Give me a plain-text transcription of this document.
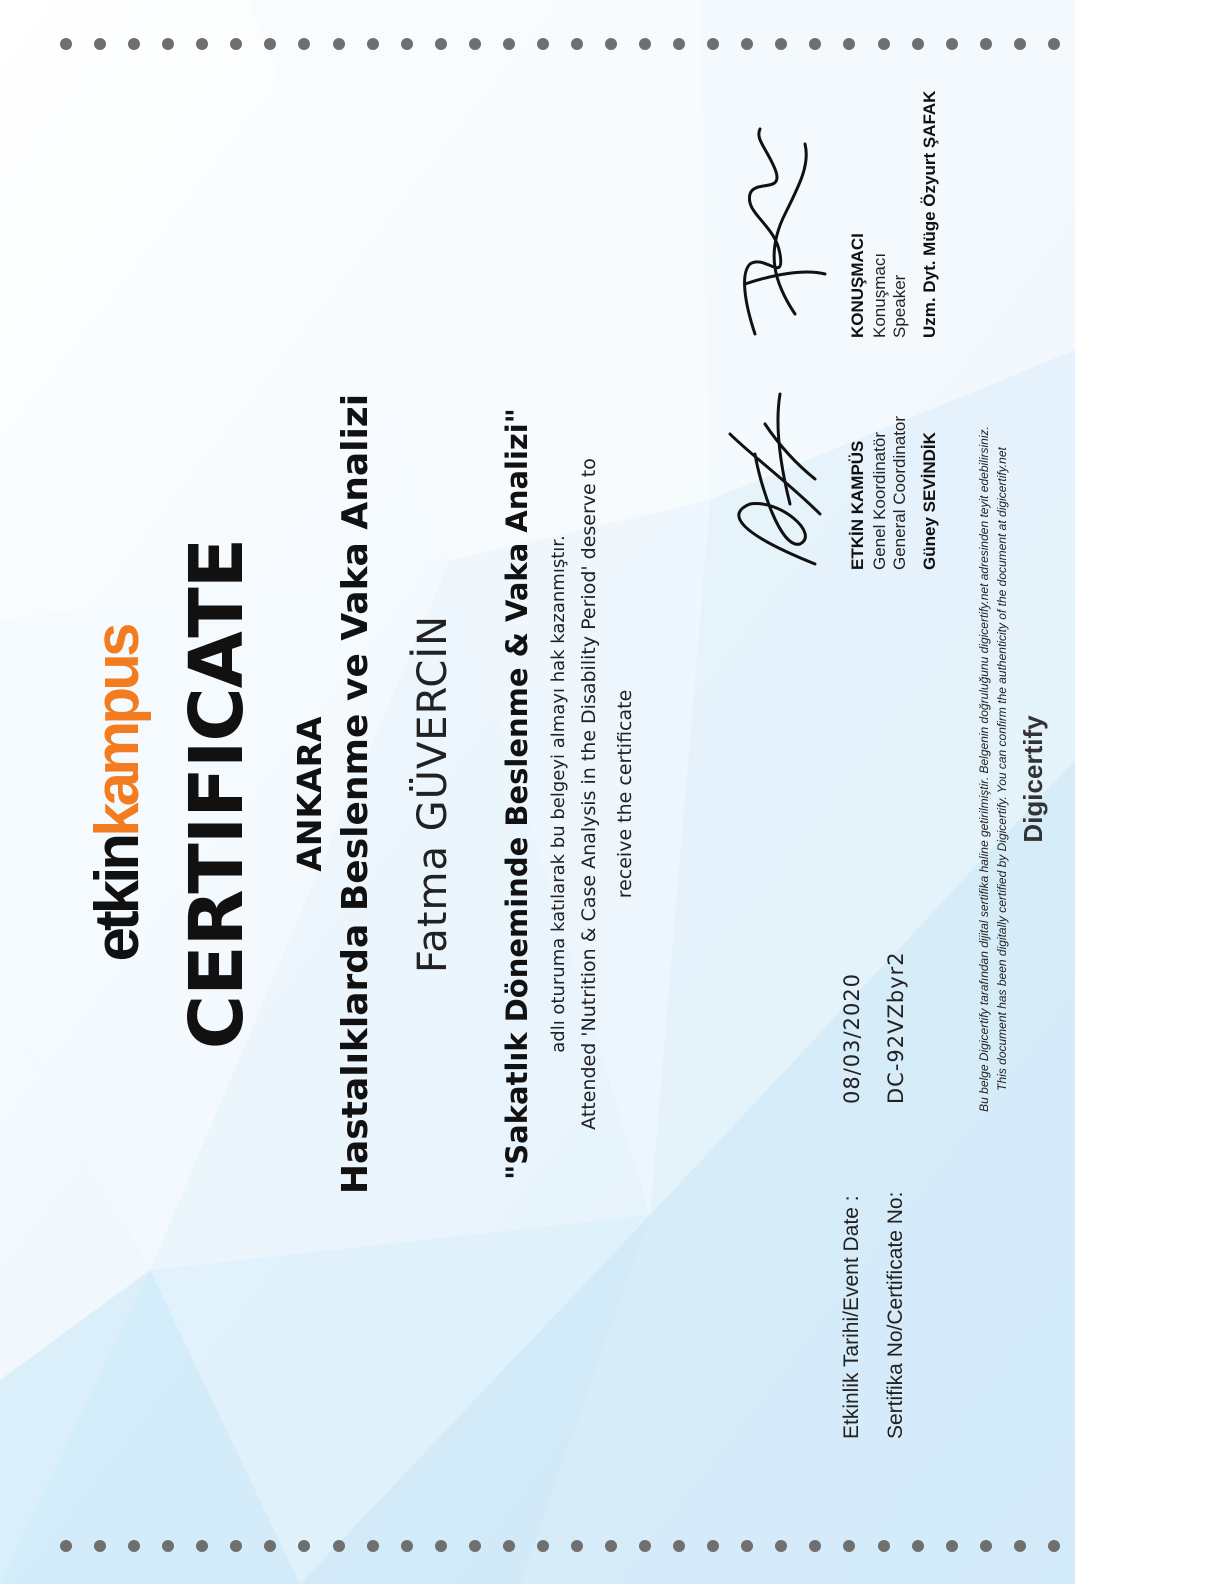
etkinkampus CERTIFICATE ANKARA Hastalıklarda Beslenme ve Vaka Analizi Fatma GÜVERCİN "Sakatlık Döneminde Beslenme & Vaka Analizi" adlı oturuma katılarak bu belgeyi almayı hak kazanmıştır. Attended 'Nutrition & Case Analysis in the Disability Period' deserve to receive the certificate
Etkinlik Tarihi/Event Date :
08/03/2020
Sertifika No/Certificate No:
DC-92VZbyr2
ETKİN KAMPÜS Genel Koordinatör General Coordinator Güney SEVİNDİK
KONUŞMACI Konuşmacı Speaker Uzm. Dyt. Müge Özyurt ŞAFAK
Bu belge Digicertify tarafından dijital sertifika haline getirilmiştir. Belgenin doğruluğunu digicertify.net adresinden teyit edebilirsiniz. This document has been digitally certified by Digicertify. You can confirm the authenticity of the document at digicertify.net Digicertify
